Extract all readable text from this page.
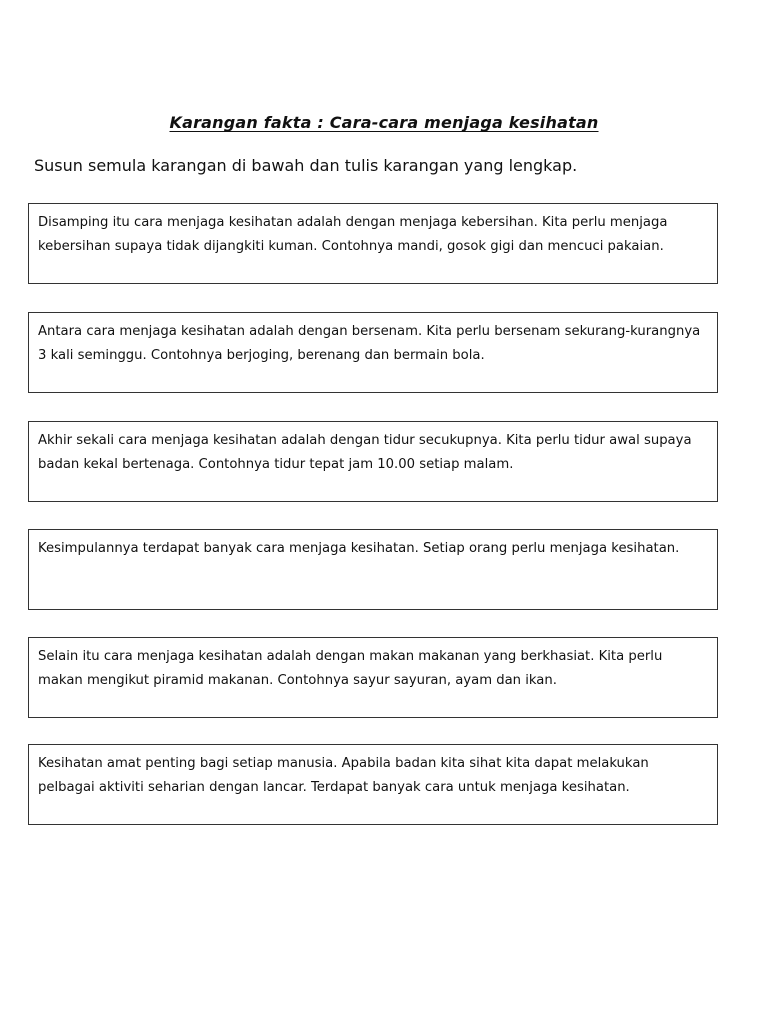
Karangan fakta : Cara-cara menjaga kesihatan
Susun semula karangan di bawah dan tulis karangan yang lengkap.
Disamping itu cara menjaga kesihatan adalah dengan menjaga kebersihan. Kita perlu menjaga kebersihan supaya tidak dijangkiti kuman. Contohnya mandi, gosok gigi dan mencuci pakaian.
Antara cara menjaga kesihatan adalah dengan bersenam. Kita perlu bersenam sekurang-kurangnya 3 kali seminggu. Contohnya berjoging, berenang dan bermain bola.
Akhir sekali cara menjaga kesihatan adalah dengan tidur secukupnya. Kita perlu tidur awal supaya badan kekal bertenaga. Contohnya tidur tepat jam 10.00 setiap malam.
Kesimpulannya terdapat banyak cara menjaga kesihatan. Setiap orang perlu menjaga kesihatan.
Selain itu cara menjaga kesihatan adalah dengan makan makanan yang berkhasiat. Kita perlu makan mengikut piramid makanan. Contohnya sayur sayuran, ayam dan ikan.
Kesihatan amat penting bagi setiap manusia. Apabila badan kita sihat kita dapat melakukan pelbagai aktiviti seharian dengan lancar. Terdapat banyak cara untuk menjaga kesihatan.
